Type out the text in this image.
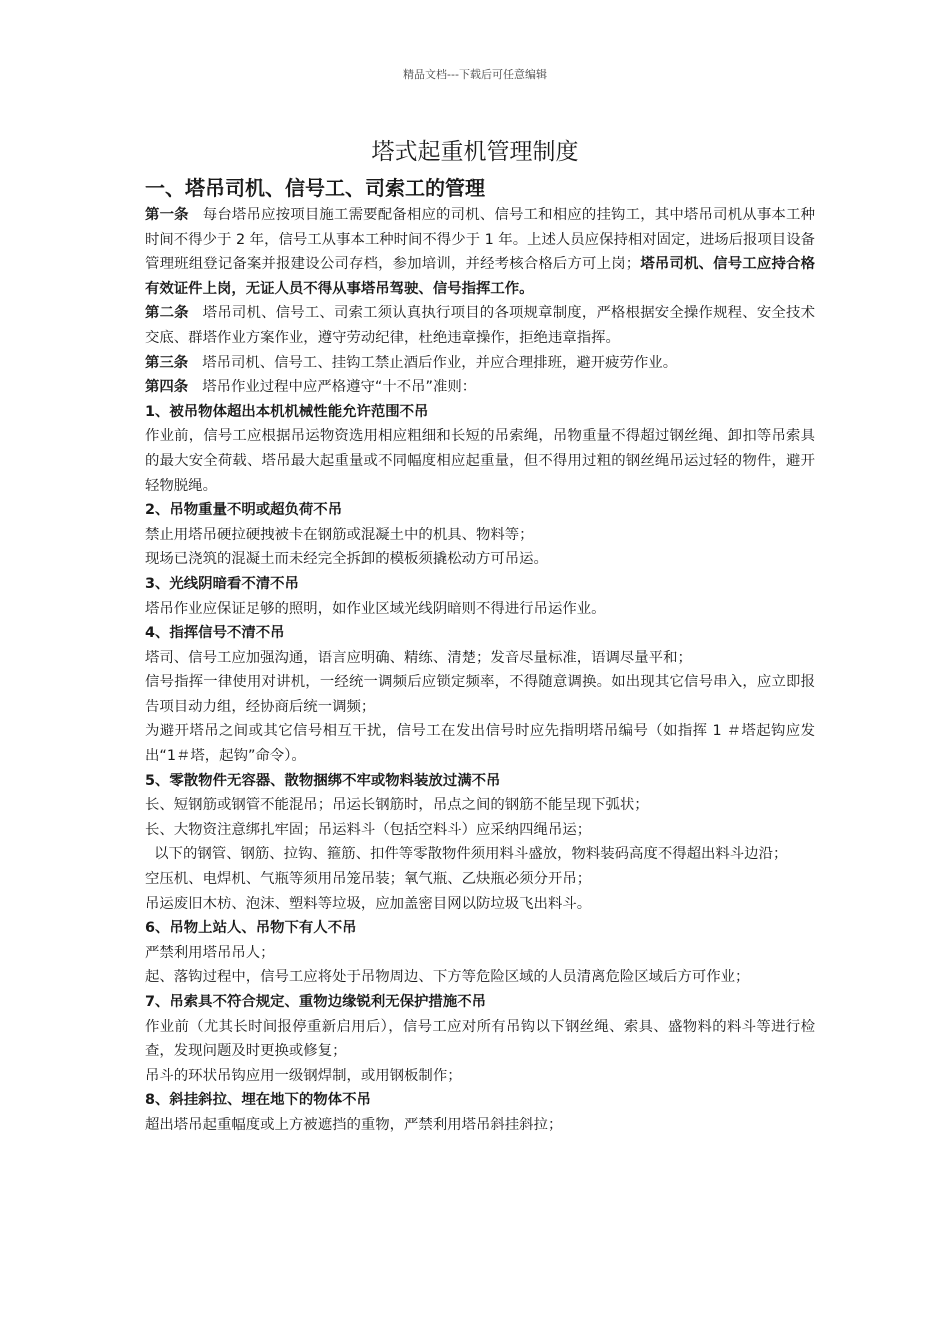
精品文档---下载后可任意编辑
塔式起重机管理制度
一、塔吊司机、信号工、司索工的管理

第一条 每台塔吊应按项目施工需要配备相应的司机、信号工和相应的挂钩工，其中塔吊司机从事本工种时间不得少于 2 年，信号工从事本工种时间不得少于 1 年。上述人员应保持相对固定，进场后报项目设备管理班组登记备案并报建设公司存档，参加培训，并经考核合格后方可上岗；塔吊司机、信号工应持合格有效证件上岗，无证人员不得从事塔吊驾驶、信号指挥工作。

第二条 塔吊司机、信号工、司索工须认真执行项目的各项规章制度，严格根据安全操作规程、安全技术交底、群塔作业方案作业，遵守劳动纪律，杜绝违章操作，拒绝违章指挥。

第三条 塔吊司机、信号工、挂钩工禁止酒后作业，并应合理排班，避开疲劳作业。

第四条 塔吊作业过程中应严格遵守“十不吊”准则：

1、被吊物体超出本机机械性能允许范围不吊

作业前，信号工应根据吊运物资选用相应粗细和长短的吊索绳，吊物重量不得超过钢丝绳、卸扣等吊索具的最大安全荷载、塔吊最大起重量或不同幅度相应起重量，但不得用过粗的钢丝绳吊运过轻的物件，避开轻物脱绳。

2、吊物重量不明或超负荷不吊

禁止用塔吊硬拉硬拽被卡在钢筋或混凝土中的机具、物料等；

现场已浇筑的混凝土而未经完全拆卸的模板须撬松动方可吊运。

3、光线阴暗看不清不吊

塔吊作业应保证足够的照明，如作业区域光线阴暗则不得进行吊运作业。

4、指挥信号不清不吊

塔司、信号工应加强沟通，语言应明确、精练、清楚；发音尽量标准，语调尽量平和；

信号指挥一律使用对讲机，一经统一调频后应锁定频率，不得随意调换。如出现其它信号串入，应立即报告项目动力组，经协商后统一调频；

为避开塔吊之间或其它信号相互干扰，信号工在发出信号时应先指明塔吊编号（如指挥 1 ＃塔起钩应发出“1＃塔，起钩”命令）。

5、零散物件无容器、散物捆绑不牢或物料装放过满不吊

长、短钢筋或钢管不能混吊；吊运长钢筋时，吊点之间的钢筋不能呈现下弧状；

长、大物资注意绑扎牢固；吊运料斗（包括空料斗）应采纳四绳吊运；

以下的钢管、钢筋、拉钩、箍筋、扣件等零散物件须用料斗盛放，物料装码高度不得超出料斗边沿；

空压机、电焊机、气瓶等须用吊笼吊装；氧气瓶、乙炔瓶必须分开吊；

吊运废旧木枋、泡沫、塑料等垃圾，应加盖密目网以防垃圾飞出料斗。

6、吊物上站人、吊物下有人不吊

严禁利用塔吊吊人；

起、落钩过程中，信号工应将处于吊物周边、下方等危险区域的人员清离危险区域后方可作业；

7、吊索具不符合规定、重物边缘锐利无保护措施不吊

作业前（尤其长时间报停重新启用后），信号工应对所有吊钩以下钢丝绳、索具、盛物料的料斗等进行检查，发现问题及时更换或修复；

吊斗的环状吊钩应用一级钢焊制，或用钢板制作；

8、斜挂斜拉、埋在地下的物体不吊

超出塔吊起重幅度或上方被遮挡的重物，严禁利用塔吊斜挂斜拉；
